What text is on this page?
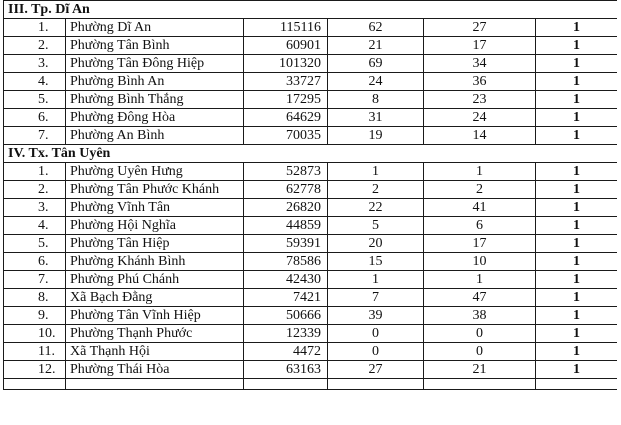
III. Tp. Dĩ An					
1.	Phường Dĩ An	115116	62	27	1
2.	Phường Tân Bình	60901	21	17	1
3.	Phường Tân Đông Hiệp	101320	69	34	1
4.	Phường Bình An	33727	24	36	1
5.	Phường Bình Thắng	17295	8	23	1
6.	Phường Đông Hòa	64629	31	24	1
7.	Phường An Bình	70035	19	14	1
IV. Tx. Tân Uyên					
1.	Phường Uyên Hưng	52873	1	1	1
2.	Phường Tân Phước Khánh	62778	2	2	1
3.	Phường Vĩnh Tân	26820	22	41	1
4.	Phường Hội Nghĩa	44859	5	6	1
5.	Phường Tân Hiệp	59391	20	17	1
6.	Phường Khánh Bình	78586	15	10	1
7.	Phường Phú Chánh	42430	1	1	1
8.	Xã Bạch Đằng	7421	7	47	1
9.	Phường Tân Vĩnh Hiệp	50666	39	38	1
10.	Phường Thạnh Phước	12339	0	0	1
11.	Xã Thạnh Hội	4472	0	0	1
12.	Phường Thái Hòa	63163	27	21	1
